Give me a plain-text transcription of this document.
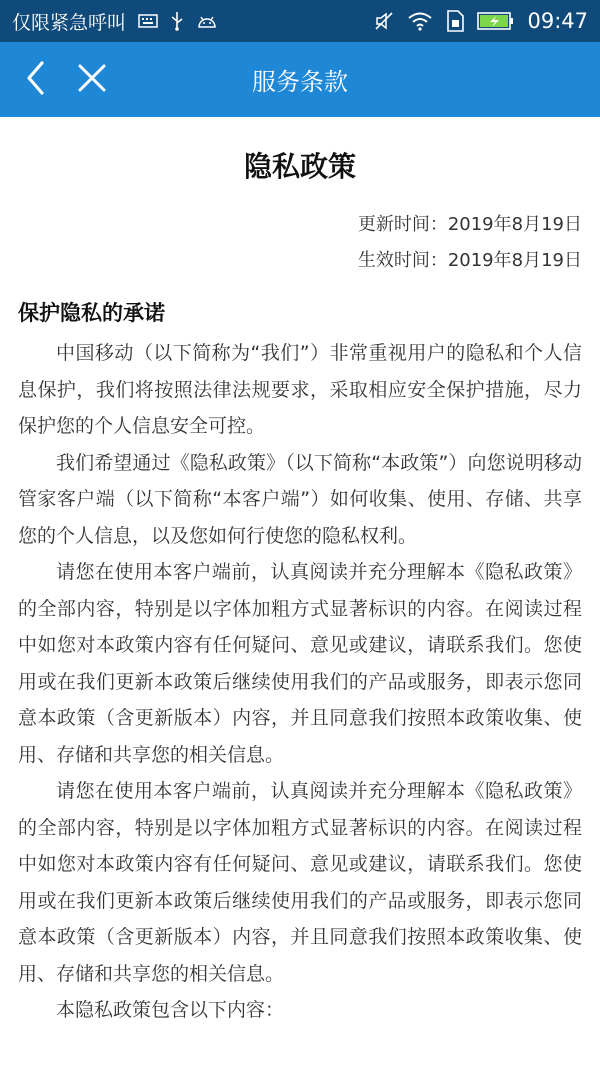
仅限紧急呼叫	09:47
服务条款
隐私政策
更新时间：2019年8月19日
生效时间：2019年8月19日
保护隐私的承诺

中国移动（以下简称为“我们”）非常重视用户的隐私和个人信息保护，我们将按照法律法规要求，采取相应安全保护措施，尽力保护您的个人信息安全可控。

我们希望通过《隐私政策》（以下简称“本政策”）向您说明移动管家客户端（以下简称“本客户端”）如何收集、使用、存储、共享您的个人信息，以及您如何行使您的隐私权利。

请您在使用本客户端前，认真阅读并充分理解本《隐私政策》的全部内容，特别是以字体加粗方式显著标识的内容。在阅读过程中如您对本政策内容有任何疑问、意见或建议，请联系我们。您使用或在我们更新本政策后继续使用我们的产品或服务，即表示您同意本政策（含更新版本）内容，并且同意我们按照本政策收集、使用、存储和共享您的相关信息。

请您在使用本客户端前，认真阅读并充分理解本《隐私政策》的全部内容，特别是以字体加粗方式显著标识的内容。在阅读过程中如您对本政策内容有任何疑问、意见或建议，请联系我们。您使用或在我们更新本政策后继续使用我们的产品或服务，即表示您同意本政策（含更新版本）内容，并且同意我们按照本政策收集、使用、存储和共享您的相关信息。

本隐私政策包含以下内容：
